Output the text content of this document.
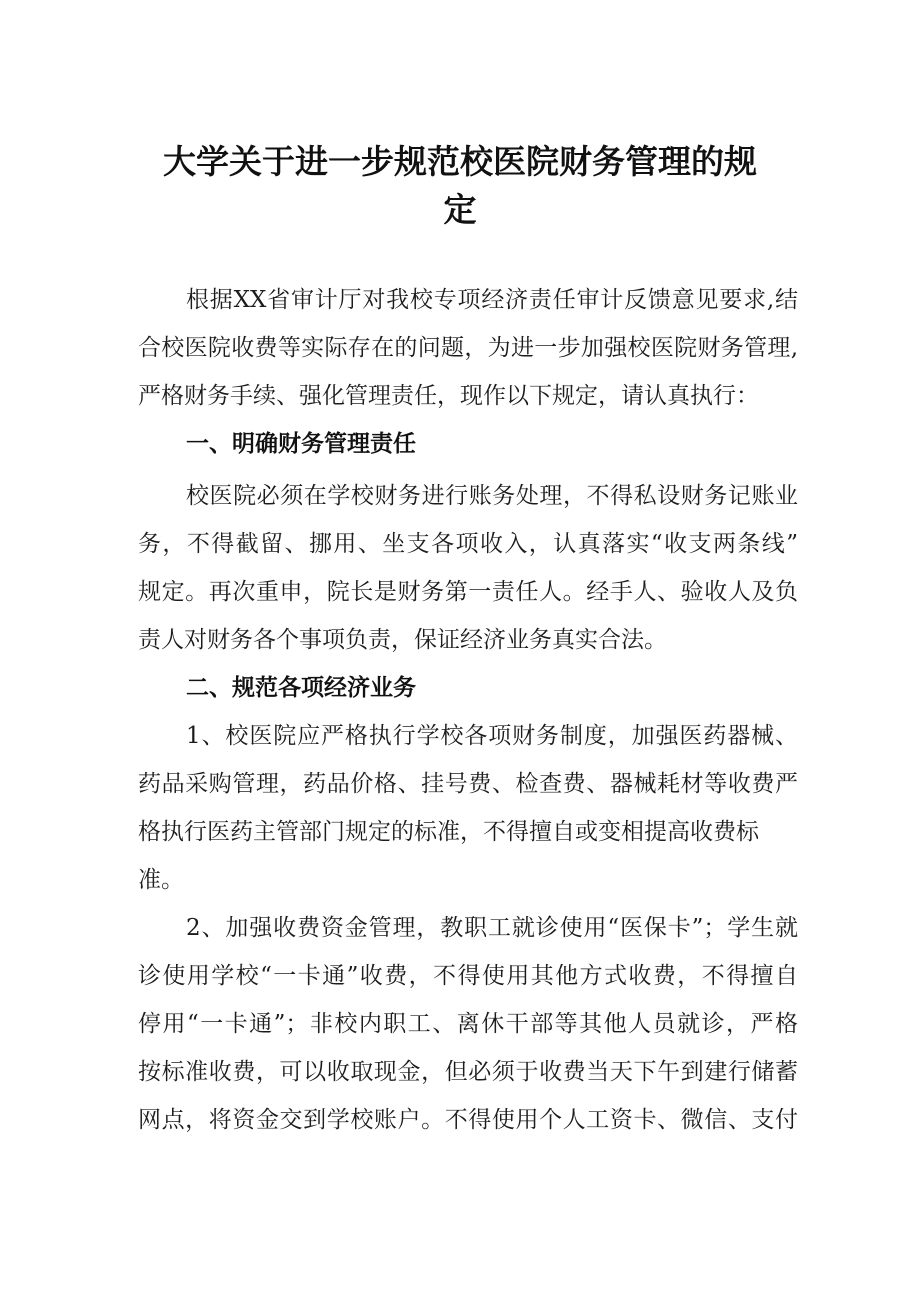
大学关于进一步规范校医院财务管理的规
定
根据XX省审计厅对我校专项经济责任审计反馈意见要求,结
合校医院收费等实际存在的问题，为进一步加强校医院财务管理,
严格财务手续、强化管理责任，现作以下规定，请认真执行：
一、明确财务管理责任
校医院必须在学校财务进行账务处理，不得私设财务记账业
务，不得截留、挪用、坐支各项收入，认真落实“收支两条线”
规定。再次重申，院长是财务第一责任人。经手人、验收人及负
责人对财务各个事项负责，保证经济业务真实合法。
二、规范各项经济业务
1、校医院应严格执行学校各项财务制度，加强医药器械、
药品采购管理，药品价格、挂号费、检查费、器械耗材等收费严
格执行医药主管部门规定的标准，不得擅自或变相提高收费标
准。
2、加强收费资金管理，教职工就诊使用“医保卡”；学生就
诊使用学校“一卡通”收费，不得使用其他方式收费，不得擅自
停用“一卡通”；非校内职工、离休干部等其他人员就诊，严格
按标准收费，可以收取现金，但必须于收费当天下午到建行储蓄
网点，将资金交到学校账户。不得使用个人工资卡、微信、支付
